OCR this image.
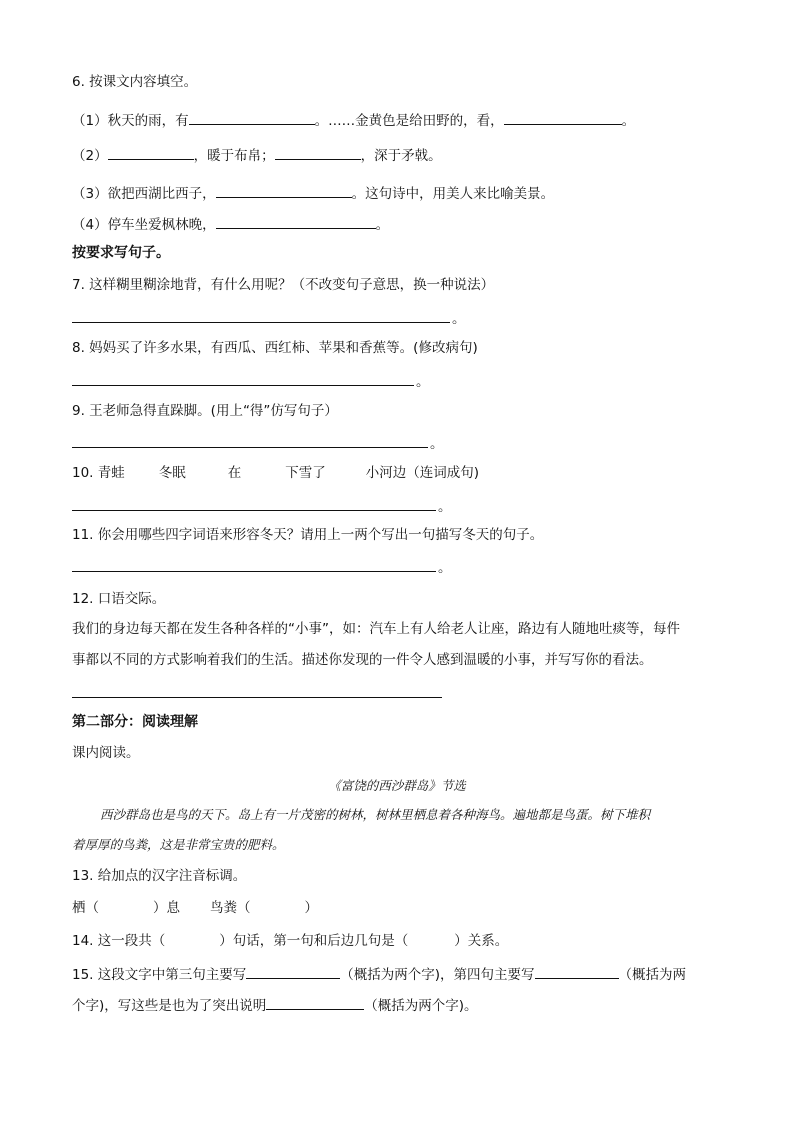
6. 按课文内容填空。
（1）秋天的雨，有	。……金黄色是给田野的，看，	。
（2）	，暖于布帛；	，深于矛戟。
（3）欲把西湖比西子，	。这句诗中，用美人来比喻美景。
（4）停车坐爱枫林晚，	。
按要求写句子。
7. 这样糊里糊涂地背，有什么用呢？（不改变句子意思，换一种说法）
。
8. 妈妈买了许多水果，有西瓜、西红柿、苹果和香蕉等。(修改病句)
。
9. 王老师急得直跺脚。(用上“得”仿写句子）
。
10. 青蛙	冬眠	在	下雪了	小河边（连词成句)
。
11. 你会用哪些四字词语来形容冬天？请用上一两个写出一句描写冬天的句子。
。
12. 口语交际。
我们的身边每天都在发生各种各样的“小事”，如：汽车上有人给老人让座，路边有人随地吐痰等，每件
事都以不同的方式影响着我们的生活。描述你发现的一件令人感到温暖的小事，并写写你的看法。
第二部分：阅读理解
课内阅读。
《富饶的西沙群岛》节选
西沙群岛也是鸟的天下。岛上有一片茂密的树林，树林里栖息着各种海鸟。遍地都是鸟蛋。树下堆积
着厚厚的鸟粪，这是非常宝贵的肥料。
13. 给加点的汉字注音标调。
栖（	）息 鸟粪（	）
14. 这一段共（	）句话，第一句和后边几句是（	）关系。
15. 这段文字中第三句主要写	（概括为两个字)，第四句主要写	（概括为两
个字)，写这些是也为了突出说明	（概括为两个字)。
